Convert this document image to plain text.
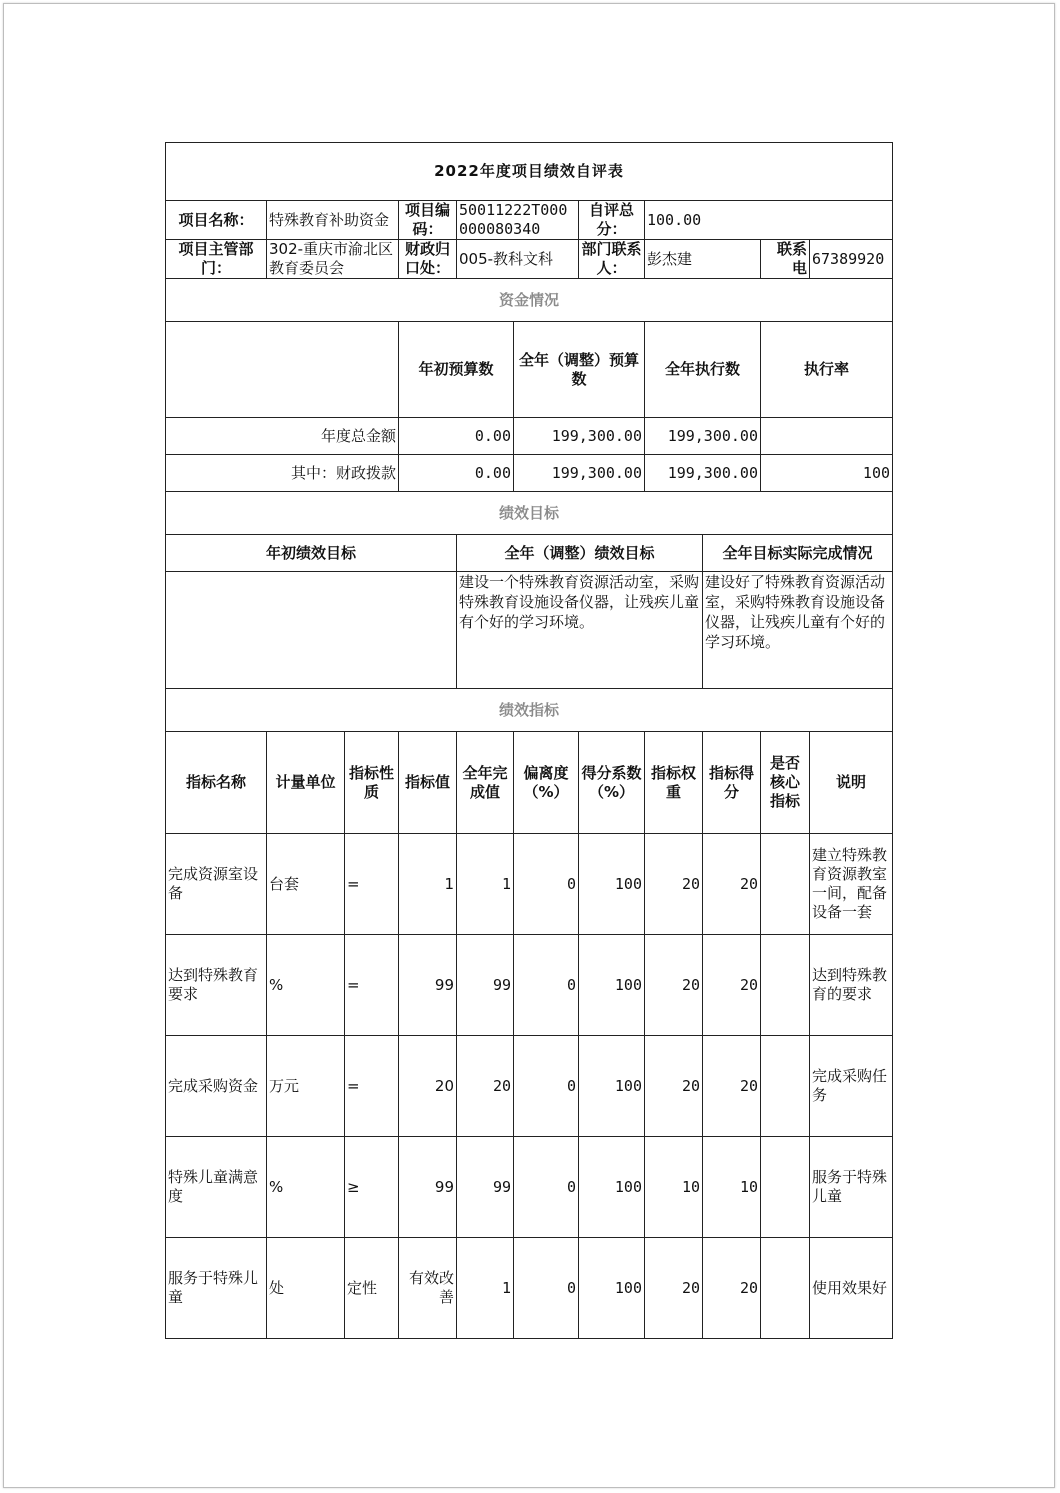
2022年度项目绩效自评表											
项目名称：	特殊教育补助资金		项目编码：	50011222T000000080340		自评总分：	100.00				
项目主管部门：	302-重庆市渝北区教育委员会		财政归口处：	005-教科文科		部门联系人：	彭杰建		联系电	67389920	
资金情况											
			年初预算数		全年（调整）预算数		全年执行数		执行率	
年度总金额			0.00		199,300.00		199,300.00				
其中：财政拨款			0.00		199,300.00		199,300.00		100	
绩效目标											
年初绩效目标				全年（调整）绩效目标				全年目标实际完成情况			
				建设一个特殊教育资源活动室，采购特殊教育设施设备仪器，让残疾儿童有个好的学习环境。				建设好了特殊教育资源活动室，采购特殊教育设施设备仪器，让残疾儿童有个好的学习环境。			
绩效指标											
指标名称	计量单位	指标性质	指标值	全年完成值	偏离度（%）	得分系数（%）	指标权重	指标得分	是否核心指标	说明	
完成资源室设备	台套	=	1	1	0	100	20	20		建立特殊教育资源教室一间，配备设备一套	
达到特殊教育要求	%	=	99	99	0	100	20	20		达到特殊教育的要求	
完成采购资金	万元	=	20	20	0	100	20	20		完成采购任务	
特殊儿童满意度	%	≥	99	99	0	100	10	10		服务于特殊儿童	
服务于特殊儿童	处	定性	有效改善	1	0	100	20	20		使用效果好	
